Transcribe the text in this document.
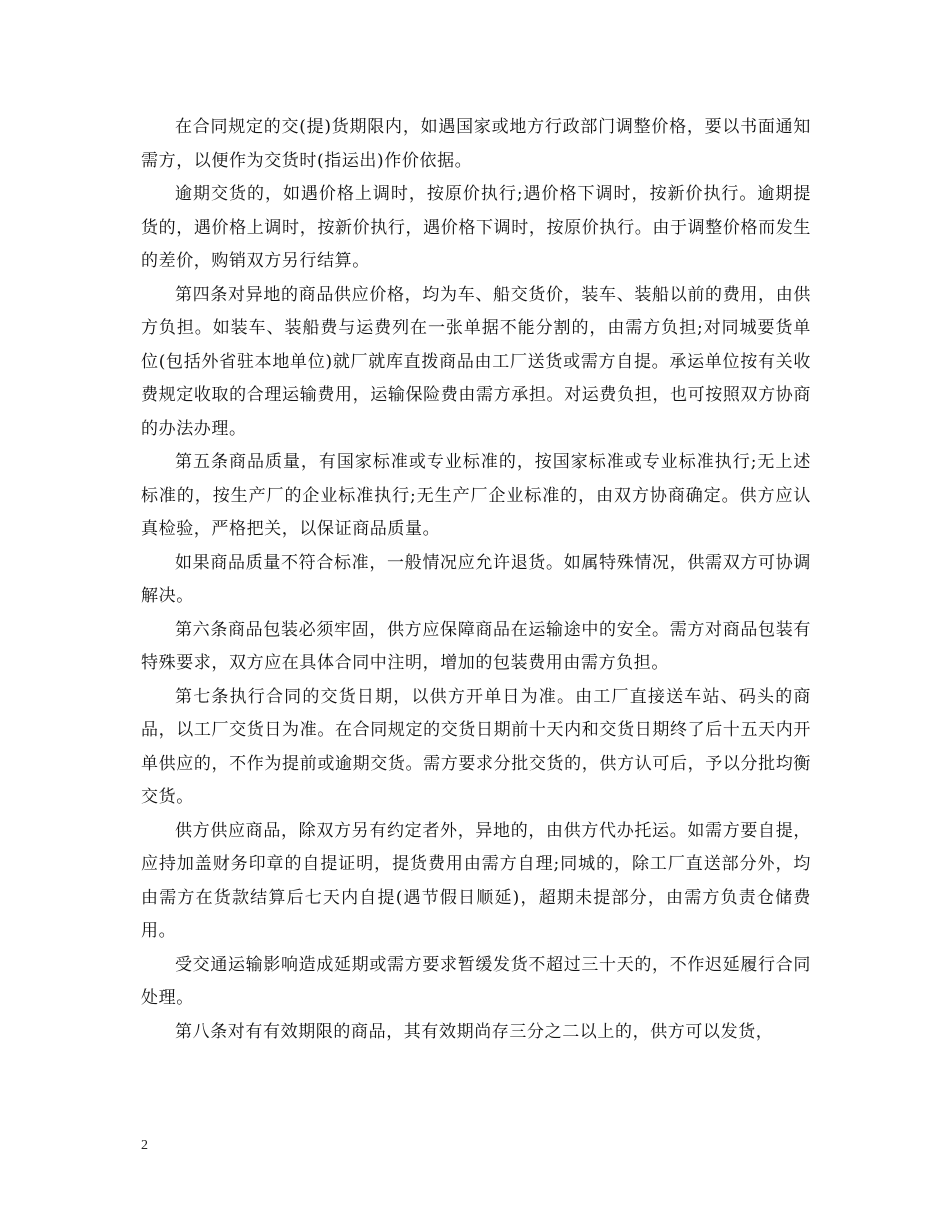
在合同规定的交(提)货期限内，如遇国家或地方行政部门调整价格，要以书面通知需方，以便作为交货时(指运出)作价依据。

逾期交货的，如遇价格上调时，按原价执行;遇价格下调时，按新价执行。逾期提货的，遇价格上调时，按新价执行，遇价格下调时，按原价执行。由于调整价格而发生的差价，购销双方另行结算。

第四条对异地的商品供应价格，均为车、船交货价，装车、装船以前的费用，由供方负担。如装车、装船费与运费列在一张单据不能分割的，由需方负担;对同城要货单位(包括外省驻本地单位)就厂就库直拨商品由工厂送货或需方自提。承运单位按有关收费规定收取的合理运输费用，运输保险费由需方承担。对运费负担，也可按照双方协商的办法办理。

第五条商品质量，有国家标准或专业标准的，按国家标准或专业标准执行;无上述标准的，按生产厂的企业标准执行;无生产厂企业标准的，由双方协商确定。供方应认真检验，严格把关，以保证商品质量。

如果商品质量不符合标准，一般情况应允许退货。如属特殊情况，供需双方可协调解决。

第六条商品包装必须牢固，供方应保障商品在运输途中的安全。需方对商品包装有特殊要求，双方应在具体合同中注明，增加的包装费用由需方负担。

第七条执行合同的交货日期，以供方开单日为准。由工厂直接送车站、码头的商品，以工厂交货日为准。在合同规定的交货日期前十天内和交货日期终了后十五天内开单供应的，不作为提前或逾期交货。需方要求分批交货的，供方认可后，予以分批均衡交货。

供方供应商品，除双方另有约定者外，异地的，由供方代办托运。如需方要自提，应持加盖财务印章的自提证明，提货费用由需方自理;同城的，除工厂直送部分外，均由需方在货款结算后七天内自提(遇节假日顺延)，超期未提部分，由需方负责仓储费用。

受交通运输影响造成延期或需方要求暂缓发货不超过三十天的，不作迟延履行合同处理。

第八条对有有效期限的商品，其有效期尚存三分之二以上的，供方可以发货，

2
